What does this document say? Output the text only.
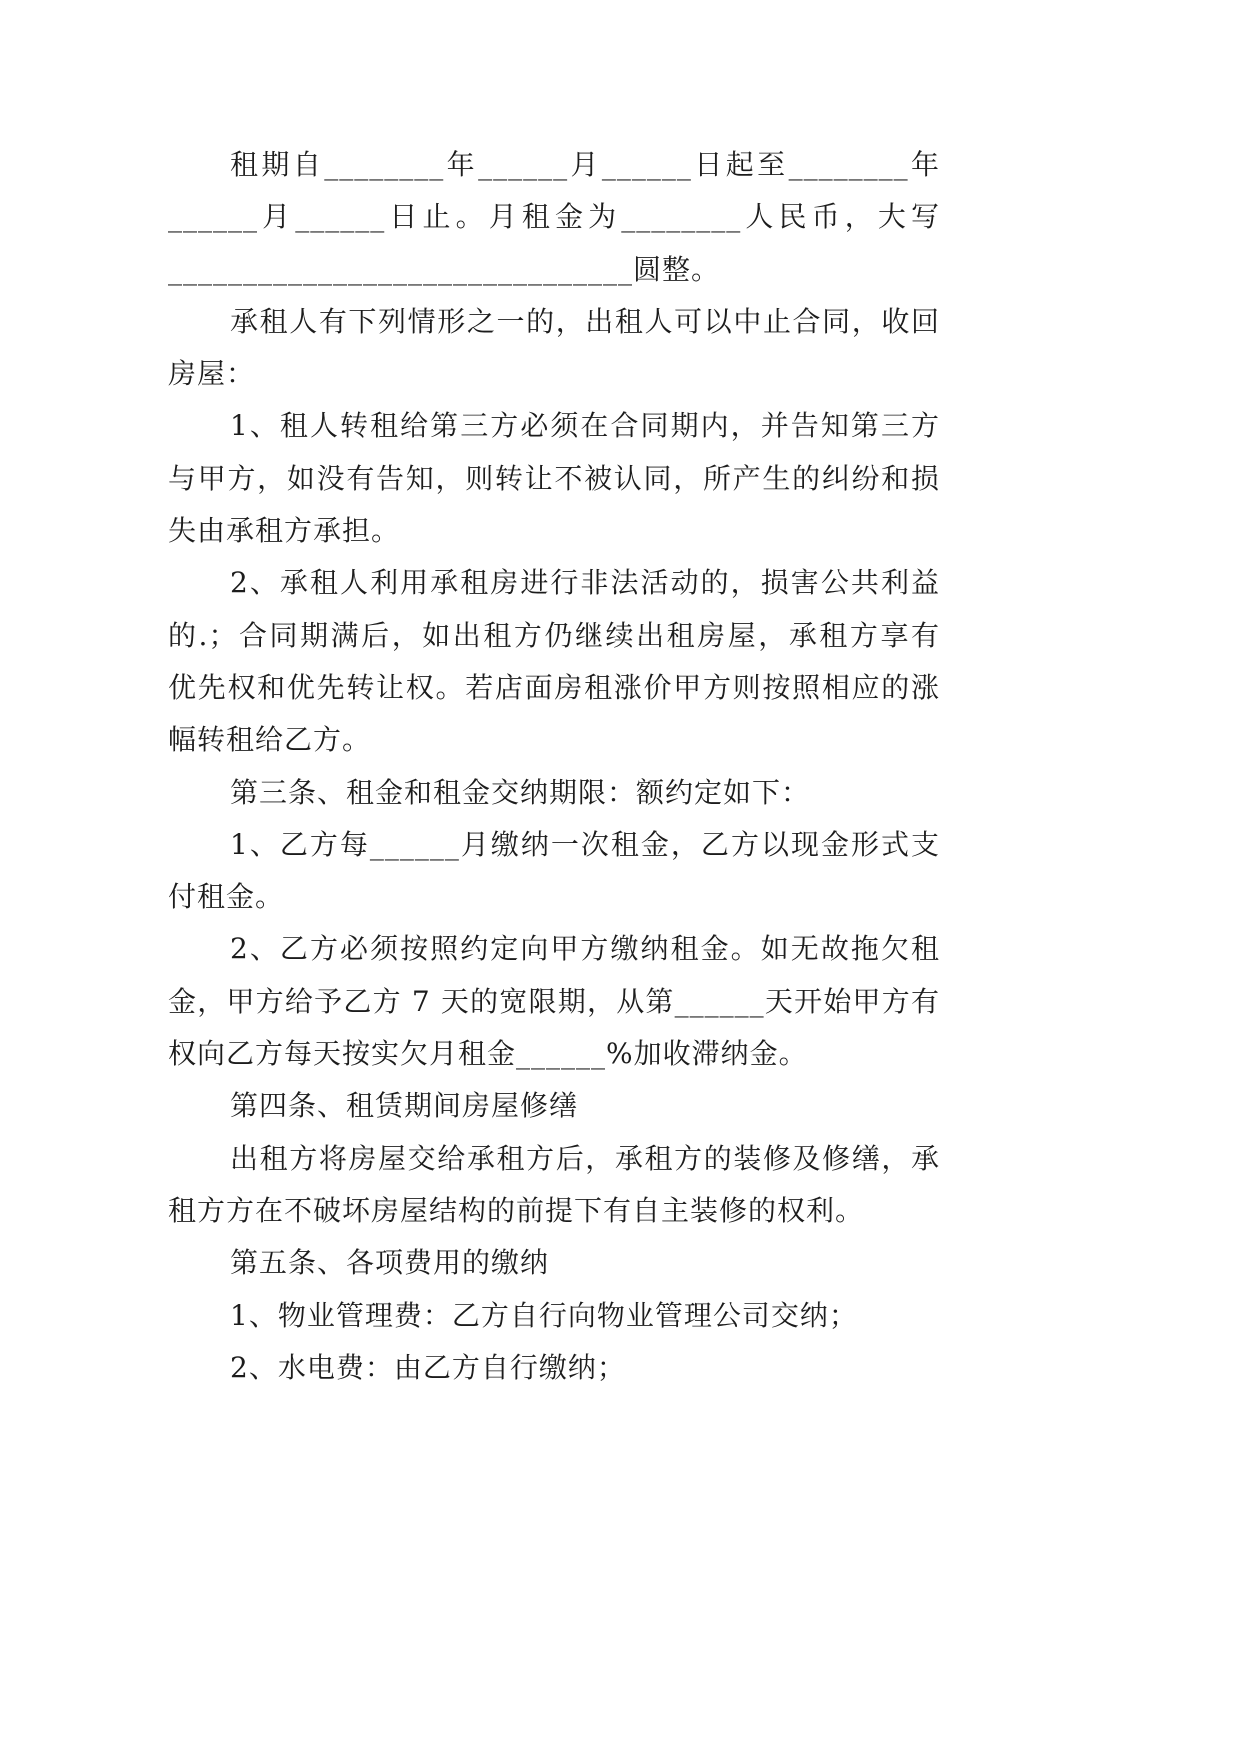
租期自________年______月______日起至________年
______月______日止。月租金为________人民币，大写
_______________________________圆整。
承租人有下列情形之一的，出租人可以中止合同，收回
房屋：
1、租人转租给第三方必须在合同期内，并告知第三方
与甲方，如没有告知，则转让不被认同，所产生的纠纷和损
失由承租方承担。
2、承租人利用承租房进行非法活动的，损害公共利益
的.；合同期满后，如出租方仍继续出租房屋，承租方享有
优先权和优先转让权。若店面房租涨价甲方则按照相应的涨
幅转租给乙方。
第三条、租金和租金交纳期限：额约定如下：
1、乙方每______月缴纳一次租金，乙方以现金形式支
付租金。
2、乙方必须按照约定向甲方缴纳租金。如无故拖欠租
金，甲方给予乙方 7 天的宽限期，从第______天开始甲方有
权向乙方每天按实欠月租金______%加收滞纳金。
第四条、租赁期间房屋修缮
出租方将房屋交给承租方后，承租方的装修及修缮，承
租方方在不破坏房屋结构的前提下有自主装修的权利。
第五条、各项费用的缴纳
1、物业管理费：乙方自行向物业管理公司交纳；
2、水电费：由乙方自行缴纳；
